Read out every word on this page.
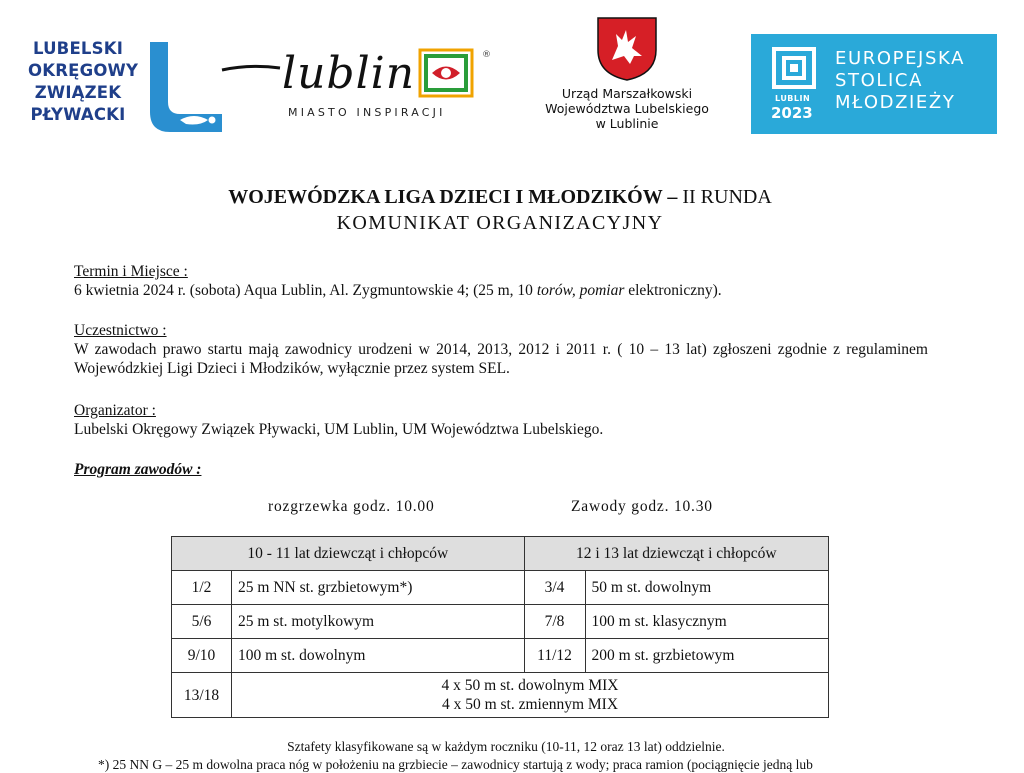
LUBELSKI
OKRĘGOWY
ZWIĄZEK
PŁYWACKI
lublin	®
MIASTO INSPIRACJI
Urząd Marszałkowski
Województwa Lubelskiego
w Lublinie
LUBLIN
2023
EUROPEJSKA
STOLICA
MŁODZIEŻY
WOJEWÓDZKA LIGA DZIECI I MŁODZIKÓW – II RUNDA
KOMUNIKAT ORGANIZACYJNY
Termin i Miejsce :
6 kwietnia 2024 r. (sobota) Aqua Lublin, Al. Zygmuntowskie 4; (25 m, 10 torów, pomiar elektroniczny).
Uczestnictwo :
W zawodach prawo startu mają zawodnicy urodzeni w 2014, 2013, 2012 i 2011 r. ( 10 – 13 lat) zgłoszeni zgodnie z regulaminem Wojewódzkiej Ligi Dzieci i Młodzików, wyłącznie przez system SEL.
Organizator :
Lubelski Okręgowy Związek Pływacki, UM Lublin, UM Województwa Lubelskiego.
Program zawodów :
rozgrzewka godz. 10.00	Zawody godz. 10.30
10 - 11 lat dziewcząt i chłopców		12 i 13 lat dziewcząt i chłopców	
1/2	25 m NN st. grzbietowym*)	3/4	50 m st. dowolnym
5/6	25 m st. motylkowym	7/8	100 m st. klasycznym
9/10	100 m st. dowolnym	11/12	200 m st. grzbietowym
13/18	4 x 50 m st. dowolnym MIX
4 x 50 m st. zmiennym MIX		
Sztafety klasyfikowane są w każdym roczniku (10-11, 12 oraz 13 lat) oddzielnie.
*) 25 NN G – 25 m dowolna praca nóg w położeniu na grzbiecie – zawodnicy startują z wody; praca ramion (pociągnięcie jedną lub
